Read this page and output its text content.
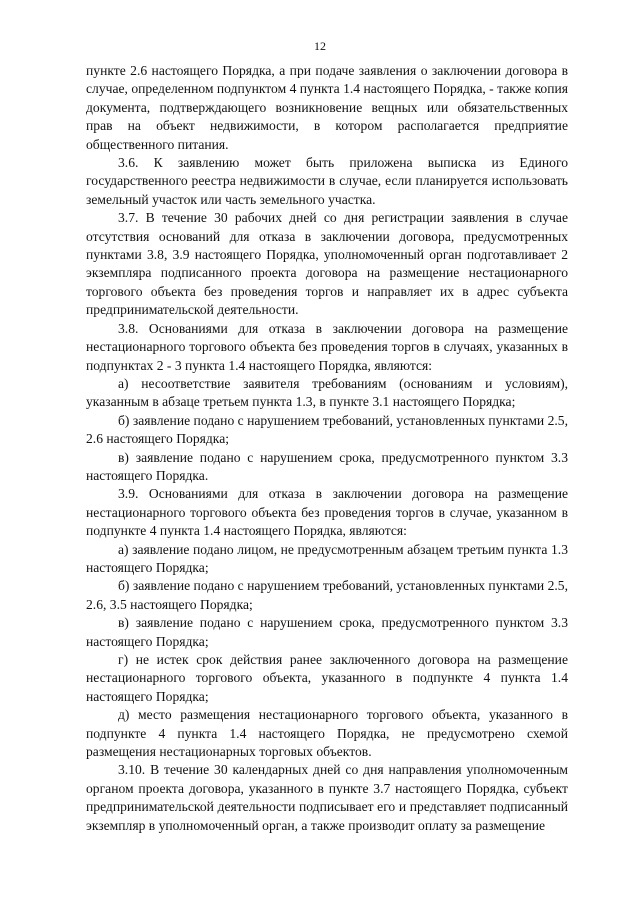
12

пункте 2.6 настоящего Порядка, а при подаче заявления о заключении договора в случае, определенном подпунктом 4 пункта 1.4 настоящего Порядка, - также копия документа, подтверждающего возникновение вещных или обязательственных прав на объект недвижимости, в котором располагается предприятие общественного питания.

3.6. К заявлению может быть приложена выписка из Единого государственного реестра недвижимости в случае, если планируется использовать земельный участок или часть земельного участка.

3.7. В течение 30 рабочих дней со дня регистрации заявления в случае отсутствия оснований для отказа в заключении договора, предусмотренных пунктами 3.8, 3.9 настоящего Порядка, уполномоченный орган подготавливает 2 экземпляра подписанного проекта договора на размещение нестационарного торгового объекта без проведения торгов и направляет их в адрес субъекта предпринимательской деятельности.

3.8. Основаниями для отказа в заключении договора на размещение нестационарного торгового объекта без проведения торгов в случаях, указанных в подпунктах 2 - 3 пункта 1.4 настоящего Порядка, являются:

а) несоответствие заявителя требованиям (основаниям и условиям), указанным в абзаце третьем пункта 1.3, в пункте 3.1 настоящего Порядка;

б) заявление подано с нарушением требований, установленных пунктами 2.5, 2.6 настоящего Порядка;

в) заявление подано с нарушением срока, предусмотренного пунктом 3.3 настоящего Порядка.

3.9. Основаниями для отказа в заключении договора на размещение нестационарного торгового объекта без проведения торгов в случае, указанном в подпункте 4 пункта 1.4 настоящего Порядка, являются:

а) заявление подано лицом, не предусмотренным абзацем третьим пункта 1.3 настоящего Порядка;

б) заявление подано с нарушением требований, установленных пунктами 2.5, 2.6, 3.5 настоящего Порядка;

в) заявление подано с нарушением срока, предусмотренного пунктом 3.3 настоящего Порядка;

г) не истек срок действия ранее заключенного договора на размещение нестационарного торгового объекта, указанного в подпункте 4 пункта 1.4 настоящего Порядка;

д) место размещения нестационарного торгового объекта, указанного в подпункте 4 пункта 1.4 настоящего Порядка, не предусмотрено схемой размещения нестационарных торговых объектов.

3.10. В течение 30 календарных дней со дня направления уполномоченным органом проекта договора, указанного в пункте 3.7 настоящего Порядка, субъект предпринимательской деятельности подписывает его и представляет подписанный экземпляр в уполномоченный орган, а также производит оплату за размещение
